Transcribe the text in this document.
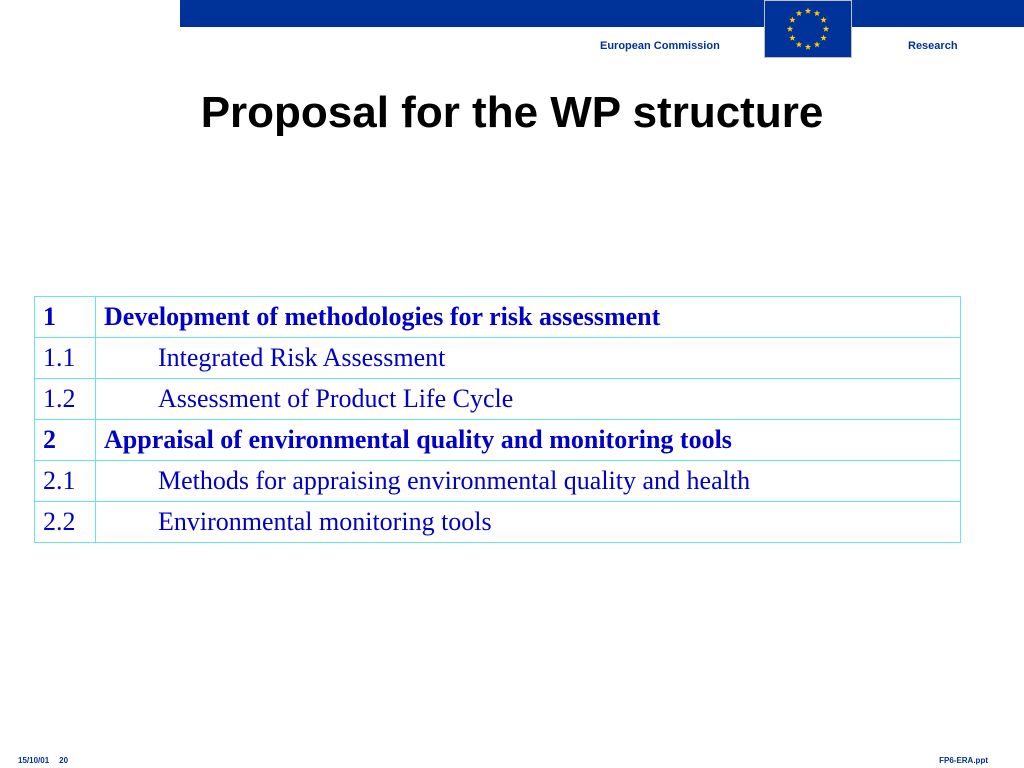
European Commission	Research
Proposal for the WP structure
1	Development of methodologies for risk assessment
1.1	Integrated Risk Assessment
1.2	Assessment of Product Life Cycle
2	Appraisal of environmental quality and monitoring tools
2.1	Methods for appraising environmental quality and health
2.2	Environmental monitoring tools
15/10/01 20	FP6-ERA.ppt
